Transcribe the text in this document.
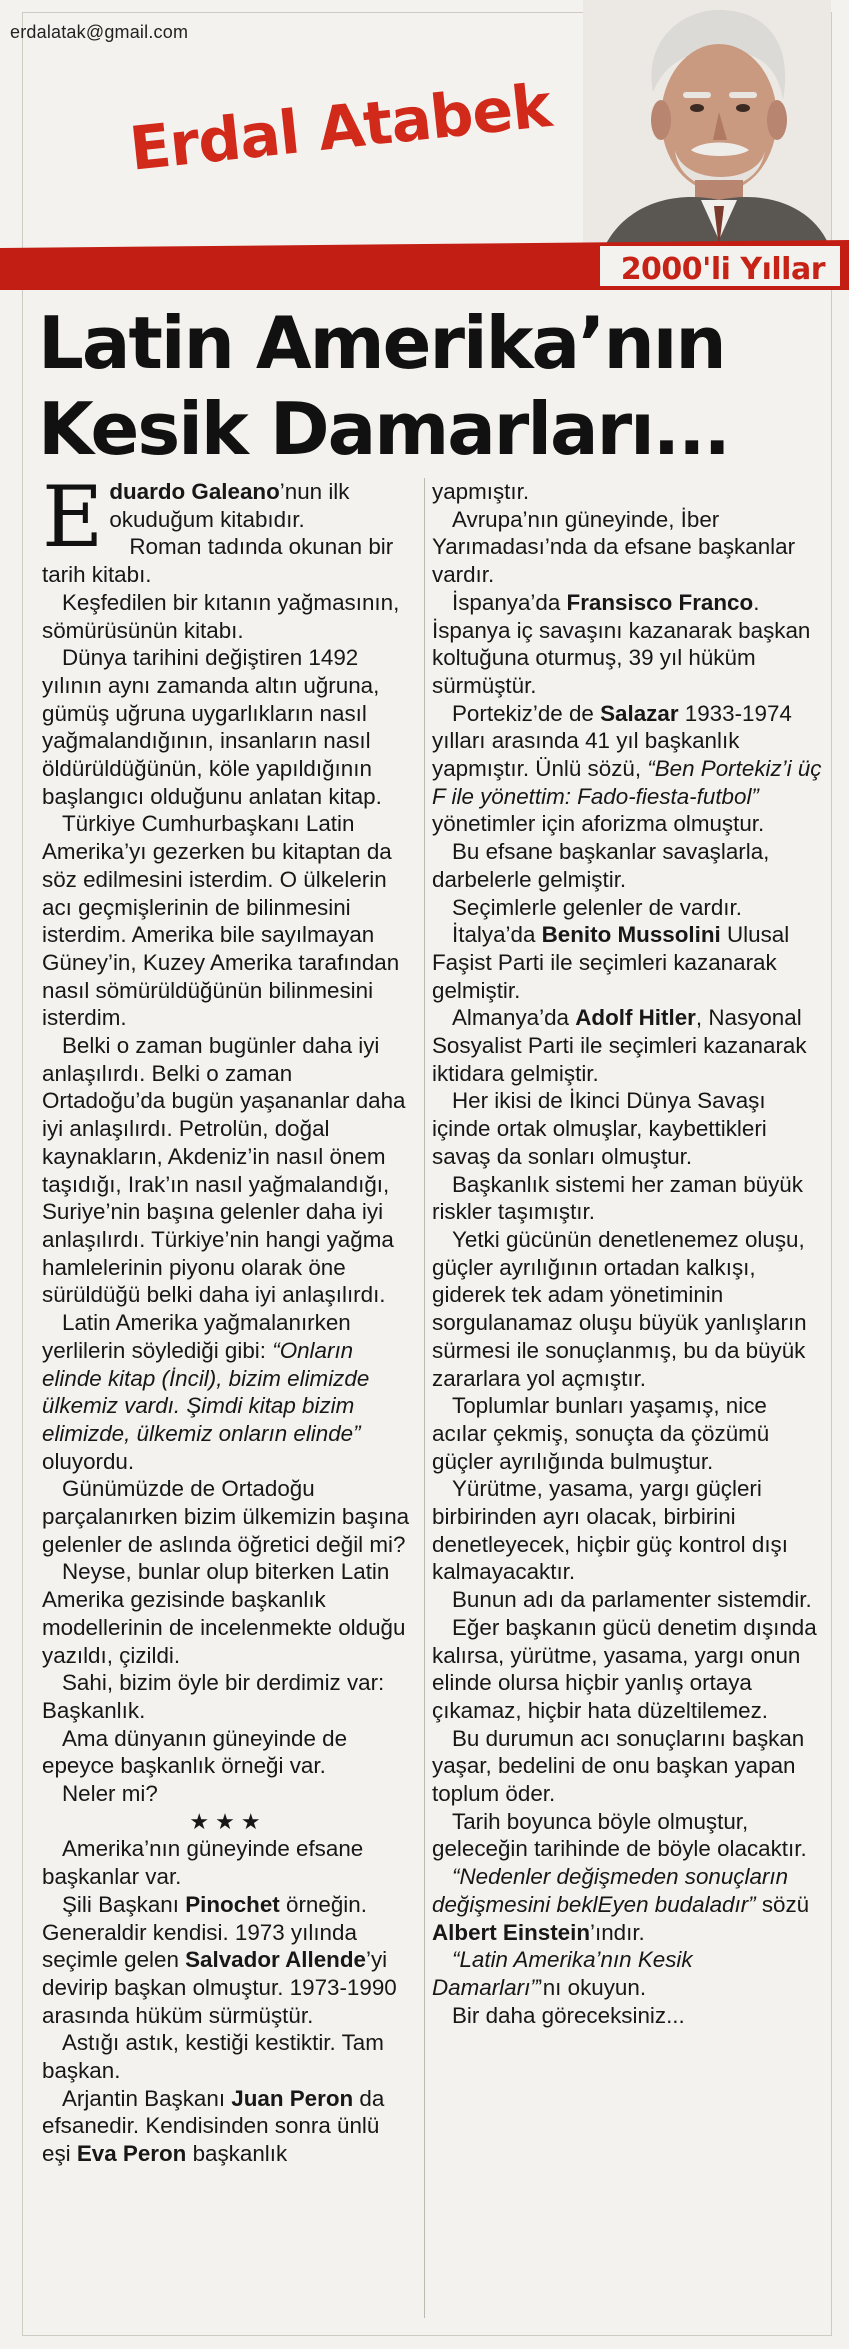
erdalatak@gmail.com
Erdal Atabek
2000'li Yıllar
Latin Amerika’nın
Kesik Damarları...

Eduardo Galeano’nun ilk okuduğum kitabıdır.

Roman tadında okunan bir tarih kitabı.

Keşfedilen bir kıtanın yağmasının, sömürüsünün kitabı.

Dünya tarihini değiştiren 1492 yılının aynı zamanda altın uğruna, gümüş uğruna uygarlıkların nasıl yağmalandığının, insanların nasıl öldürüldüğünün, köle yapıldığının başlangıcı olduğunu anlatan kitap.

Türkiye Cumhurbaşkanı Latin Amerika’yı gezerken bu kitaptan da söz edilmesini isterdim. O ülkelerin acı geçmişlerinin de bilinmesini isterdim. Amerika bile sayılmayan Güney’in, Kuzey Amerika tarafından nasıl sömürüldüğünün bilinmesini isterdim.

Belki o zaman bugünler daha iyi anlaşılırdı. Belki o zaman Ortadoğu’da bugün yaşananlar daha iyi anlaşılırdı. Petrolün, doğal kaynakların, Akdeniz’in nasıl önem taşıdığı, Irak’ın nasıl yağmalandığı, Suriye’nin başına gelenler daha iyi anlaşılırdı. Türkiye’nin hangi yağma hamlelerinin piyonu olarak öne sürüldüğü belki daha iyi anlaşılırdı.

Latin Amerika yağmalanırken yerlilerin söylediği gibi: “Onların elinde kitap (İncil), bizim elimizde ülkemiz vardı. Şimdi kitap bizim elimizde, ülkemiz onların elinde” oluyordu.

Günümüzde de Ortadoğu parçalanırken bizim ülkemizin başına gelenler de aslında öğretici değil mi?

Neyse, bunlar olup biterken Latin Amerika gezisinde başkanlık modellerinin de incelenmekte olduğu yazıldı, çizildi.

Sahi, bizim öyle bir derdimiz var: Başkanlık.

Ama dünyanın güneyinde de epeyce başkanlık örneği var.

Neler mi?

★★★

Amerika’nın güneyinde efsane başkanlar var.

Şili Başkanı Pinochet örneğin. Generaldir kendisi. 1973 yılında seçimle gelen Salvador Allende’yi devirip başkan olmuştur. 1973-1990 arasında hüküm sürmüştür.

Astığı astık, kestiği kestiktir. Tam başkan.

Arjantin Başkanı Juan Peron da efsanedir. Kendisinden sonra ünlü eşi Eva Peron başkanlık

yapmıştır.

Avrupa’nın güneyinde, İber Yarımadası’nda da efsane başkanlar vardır.

İspanya’da Fransisco Franco. İspanya iç savaşını kazanarak başkan koltuğuna oturmuş, 39 yıl hüküm sürmüştür.

Portekiz’de de Salazar 1933-1974 yılları arasında 41 yıl başkanlık yapmıştır. Ünlü sözü, “Ben Portekiz’i üç F ile yönettim: Fado-fiesta-futbol” yönetimler için aforizma olmuştur.

Bu efsane başkanlar savaşlarla, darbelerle gelmiştir.

Seçimlerle gelenler de vardır.

İtalya’da Benito Mussolini Ulusal Faşist Parti ile seçimleri kazanarak gelmiştir.

Almanya’da Adolf Hitler, Nasyonal Sosyalist Parti ile seçimleri kazanarak iktidara gelmiştir.

Her ikisi de İkinci Dünya Savaşı içinde ortak olmuşlar, kaybettikleri savaş da sonları olmuştur.

Başkanlık sistemi her zaman büyük riskler taşımıştır.

Yetki gücünün denetlenemez oluşu, güçler ayrılığının ortadan kalkışı, giderek tek adam yönetiminin sorgulanamaz oluşu büyük yanlışların sürmesi ile sonuçlanmış, bu da büyük zararlara yol açmıştır.

Toplumlar bunları yaşamış, nice acılar çekmiş, sonuçta da çözümü güçler ayrılığında bulmuştur.

Yürütme, yasama, yargı güçleri birbirinden ayrı olacak, birbirini denetleyecek, hiçbir güç kontrol dışı kalmayacaktır.

Bunun adı da parlamenter sistemdir.

Eğer başkanın gücü denetim dışında kalırsa, yürütme, yasama, yargı onun elinde olursa hiçbir yanlış ortaya çıkamaz, hiçbir hata düzeltilemez.

Bu durumun acı sonuçlarını başkan yaşar, bedelini de onu başkan yapan toplum öder.

Tarih boyunca böyle olmuştur, geleceğin tarihinde de böyle olacaktır.

“Nedenler değişmeden sonuçların değişmesini beklEyen budaladır” sözü Albert Einstein’ındır.

“Latin Amerika’nın Kesik Damarları”’nı okuyun.

Bir daha göreceksiniz...
